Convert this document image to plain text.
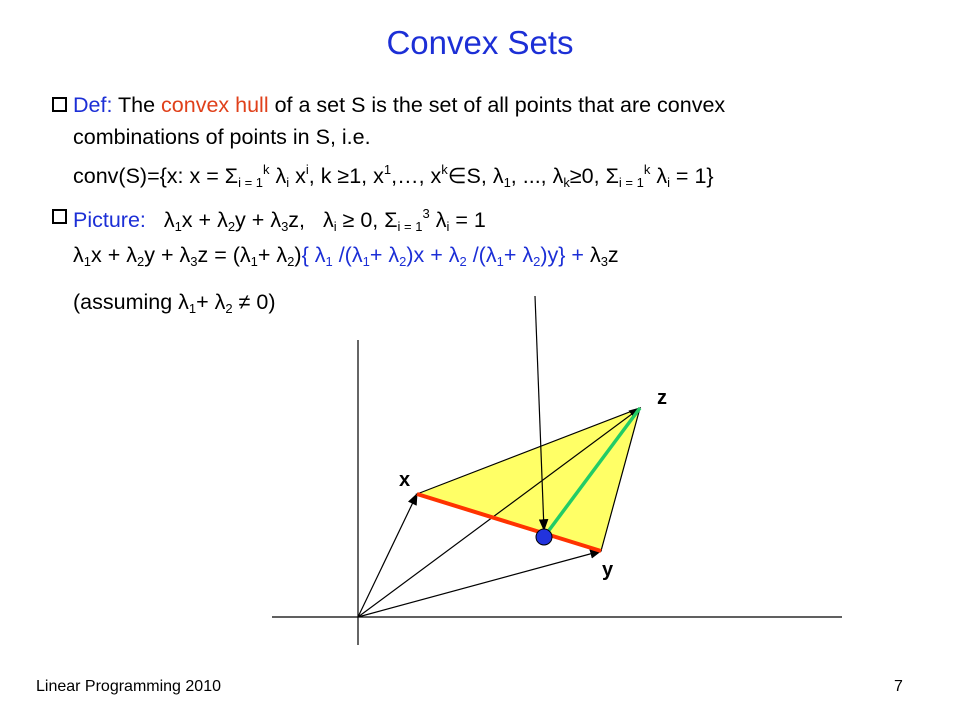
Convex Sets
Def: The convex hull of a set S is the set of all points that are convex
combinations of points in S, i.e.
conv(S)={x: $x = \Sigma_{i = 1}^k$ $\lambda_i$ $x^i$, k ≥1, $x^1,\dots$, $x^k\in S$, $\lambda_1$, ..., $\lambda_k\ge 0$, $\Sigma_{i = 1}^k$ $\lambda_i = 1$}
Picture: $\lambda_1x + \lambda_2y + \lambda_3z$,   $\lambda_i \ge 0$, $\Sigma_{i = 1}^3$ $\lambda_i = 1$
$\lambda_1x + \lambda_2y + \lambda_3z = (\lambda_1+ \lambda_2)${ $\lambda_1$ $/(\lambda_1+ \lambda_2)x + \lambda_2$ $/(\lambda_1+ \lambda_2)y\} + \lambda_3z$
(assuming $\lambda_1+ \lambda_2 \ne 0$)
x
y
z
Linear Programming 2010	7
